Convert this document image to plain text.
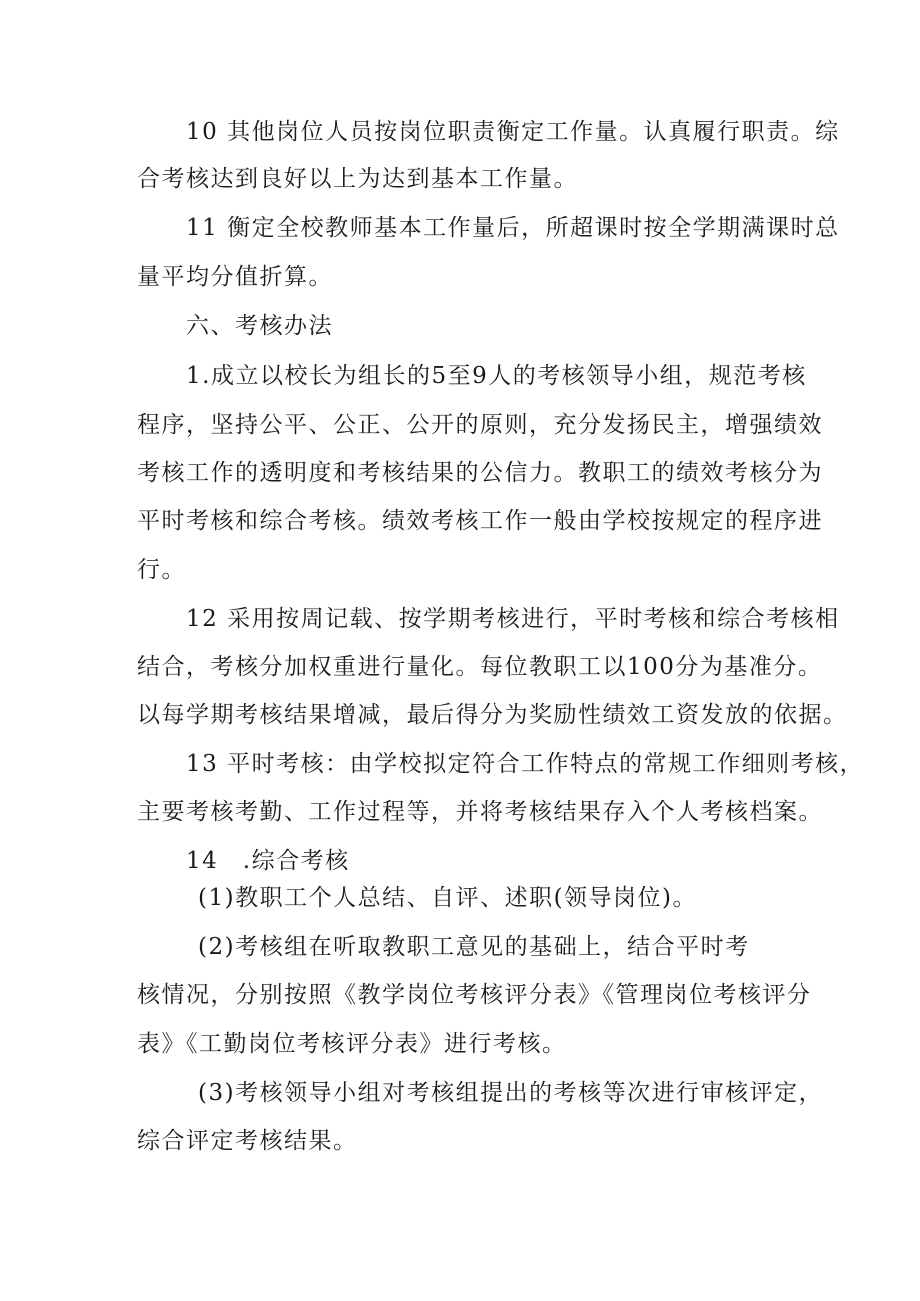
10 其他岗位人员按岗位职责衡定工作量。认真履行职责。综
合考核达到良好以上为达到基本工作量。
11 衡定全校教师基本工作量后，所超课时按全学期满课时总
量平均分值折算。
六、考核办法
1.成立以校长为组长的5至9人的考核领导小组，规范考核
程序，坚持公平、公正、公开的原则，充分发扬民主，增强绩效
考核工作的透明度和考核结果的公信力。教职工的绩效考核分为
平时考核和综合考核。绩效考核工作一般由学校按规定的程序进
行。
12 采用按周记载、按学期考核进行，平时考核和综合考核相
结合，考核分加权重进行量化。每位教职工以100分为基准分。
以每学期考核结果增减，最后得分为奖励性绩效工资发放的依据。
13 平时考核：由学校拟定符合工作特点的常规工作细则考核，
主要考核考勤、工作过程等，并将考核结果存入个人考核档案。
14　.综合考核
(1)教职工个人总结、自评、述职(领导岗位)。
(2)考核组在听取教职工意见的基础上，结合平时考
核情况，分别按照《教学岗位考核评分表》《管理岗位考核评分
表》《工勤岗位考核评分表》进行考核。
(3)考核领导小组对考核组提出的考核等次进行审核评定，
综合评定考核结果。
